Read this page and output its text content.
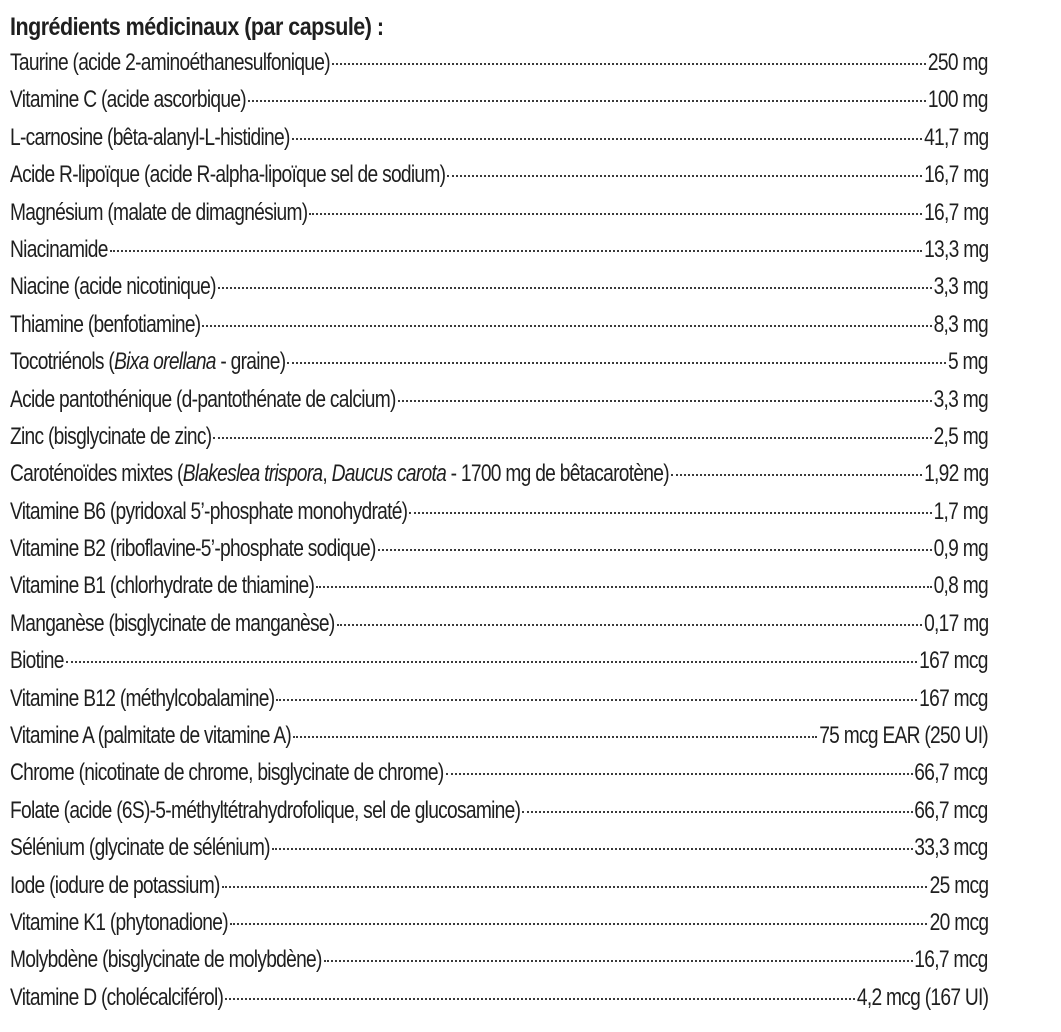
Ingrédients médicinaux (par capsule) :
Taurine (acide 2-aminoéthanesulfonique)	250 mg
Vitamine C (acide ascorbique)	100 mg
L-carnosine (bêta-alanyl-L-histidine)	41,7 mg
Acide R-lipoïque (acide R-alpha-lipoïque sel de sodium)	16,7 mg
Magnésium (malate de dimagnésium)	16,7 mg
Niacinamide	13,3 mg
Niacine (acide nicotinique)	3,3 mg
Thiamine (benfotiamine)	8,3 mg
Tocotriénols (Bixa orellana - graine)	5 mg
Acide pantothénique (d-pantothénate de calcium)	3,3 mg
Zinc (bisglycinate de zinc)	2,5 mg
Caroténoïdes mixtes (Blakeslea trispora, Daucus carota - 1700 mg de bêtacarotène)	1,92 mg
Vitamine B6 (pyridoxal 5’-phosphate monohydraté)	1,7 mg
Vitamine B2 (riboflavine-5’-phosphate sodique)	0,9 mg
Vitamine B1 (chlorhydrate de thiamine)	0,8 mg
Manganèse (bisglycinate de manganèse)	0,17 mg
Biotine	167 mcg
Vitamine B12 (méthylcobalamine)	167 mcg
Vitamine A (palmitate de vitamine A)	75 mcg EAR (250 UI)
Chrome (nicotinate de chrome, bisglycinate de chrome)	66,7 mcg
Folate (acide (6S)-5-méthyltétrahydrofolique, sel de glucosamine)	66,7 mcg
Sélénium (glycinate de sélénium)	33,3 mcg
Iode (iodure de potassium)	25 mcg
Vitamine K1 (phytonadione)	20 mcg
Molybdène (bisglycinate de molybdène)	16,7 mcg
Vitamine D (cholécalciférol)	4,2 mcg (167 UI)
